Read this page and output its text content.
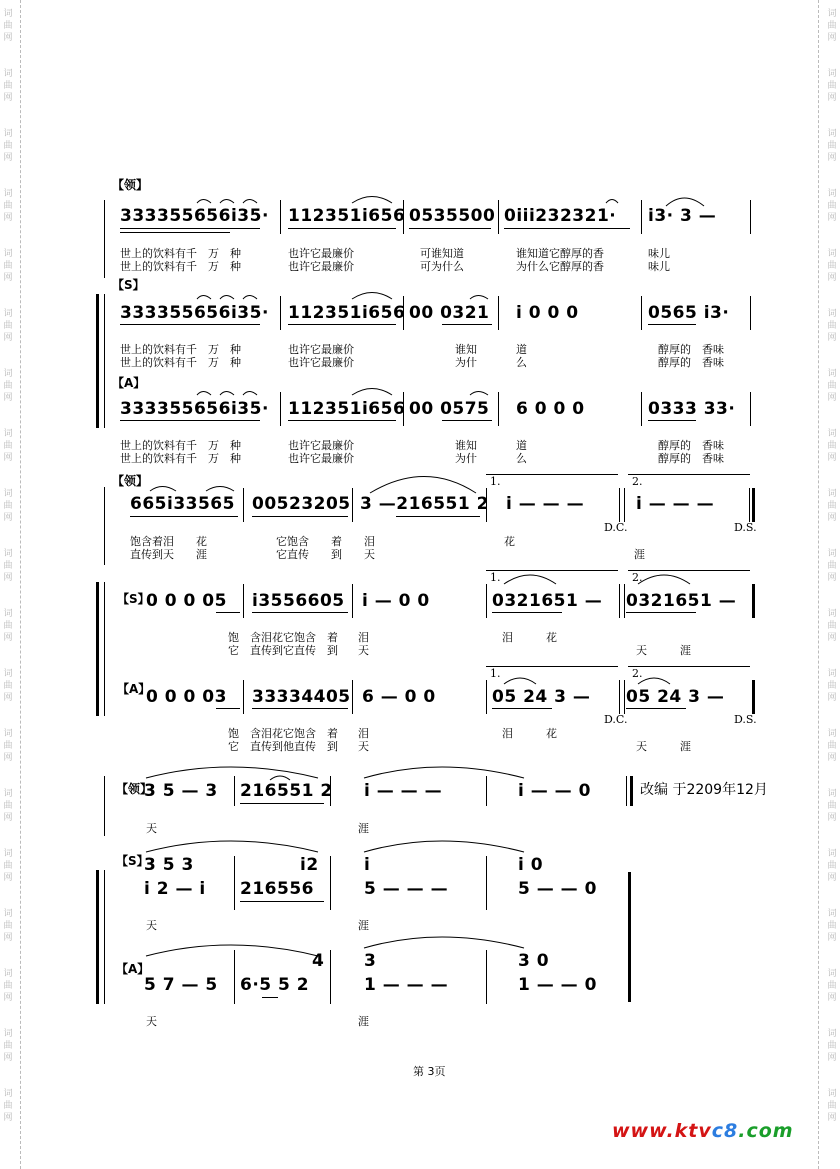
词
曲
网
词
曲
网
词
曲
网
词
曲
网
词
曲
网
词
曲
网
词
曲
网
词
曲
网
词
曲
网
词
曲
网
词
曲
网
词
曲
网
词
曲
网
词
曲
网
词
曲
网
词
曲
网
词
曲
网
词
曲
网
词
曲
网
词
曲
网
词
曲
网
词
曲
网
词
曲
网
词
曲
网
词
曲
网
词
曲
网
词
曲
网
词
曲
网
词
曲
网
词
曲
网
词
曲
网
词
曲
网
词
曲
网
词
曲
网
词
曲
网
词
曲
网
词
曲
网
词
曲
网
【领】
333355656i35· 112351i656 0535500 0iii232321· i3· 3 —
世上的饮料有千　万　种	也许它最廉价	可谁知道	谁知道它醇厚的香	味儿
世上的饮料有千　万　种	也许它最廉价	可为什么	为什么它醇厚的香	味儿
【S】
333355656i35· 112351i656 00 0321 i 0 0 0	0565 i3·
世上的饮料有千　万　种	也许它最廉价	谁知	道	醇厚的　香味
世上的饮料有千　万　种	也许它最廉价	为什	么	醇厚的　香味
【A】
333355656i35· 112351i656 00 0575 6 0 0 0	0333 33·
世上的饮料有千　万　种	也许它最廉价	谁知	道	醇厚的　香味
世上的饮料有千　万　种	也许它最廉价	为什	么	醇厚的　香味
【领】	1.	2.
665i33565 00523205 3 —216551 2 i — — —	i — — —
D.C.	D.S.
饱含着泪　　花	它饱含　　着　　泪	花
直传到天　　涯	它直传　　到　　天	涯
1.	2.
【S】
0 0 0 05 i3556605 i — 0 0	0321651 — 0321651 —
饱 含泪花它饱含　着 泪	泪　　　花
它 直传到它直传　到 天	天　　　涯
1.	2.
【A】
0 0 0 03 33334405 6 — 0 0	05 24 3 — 05 24 3 —
D.C.	D.S.
饱 含泪花它饱含　着 泪	泪　　　花
它 直传到他直传　到 天	天　　　涯
【领】
3 5 — 3 216551 2 i — — —	i — — 0	改编 于2209年12月
天	涯
【S】
3 5 3	i2	i	i 0
i 2 — i 216556	5 — — —	5 — — 0
天	涯
【A】	4 3	3 0
5 7 — 5 6·5 5 2	1 — — —	1 — — 0
天	涯
第 3页
www.ktvc8.com
